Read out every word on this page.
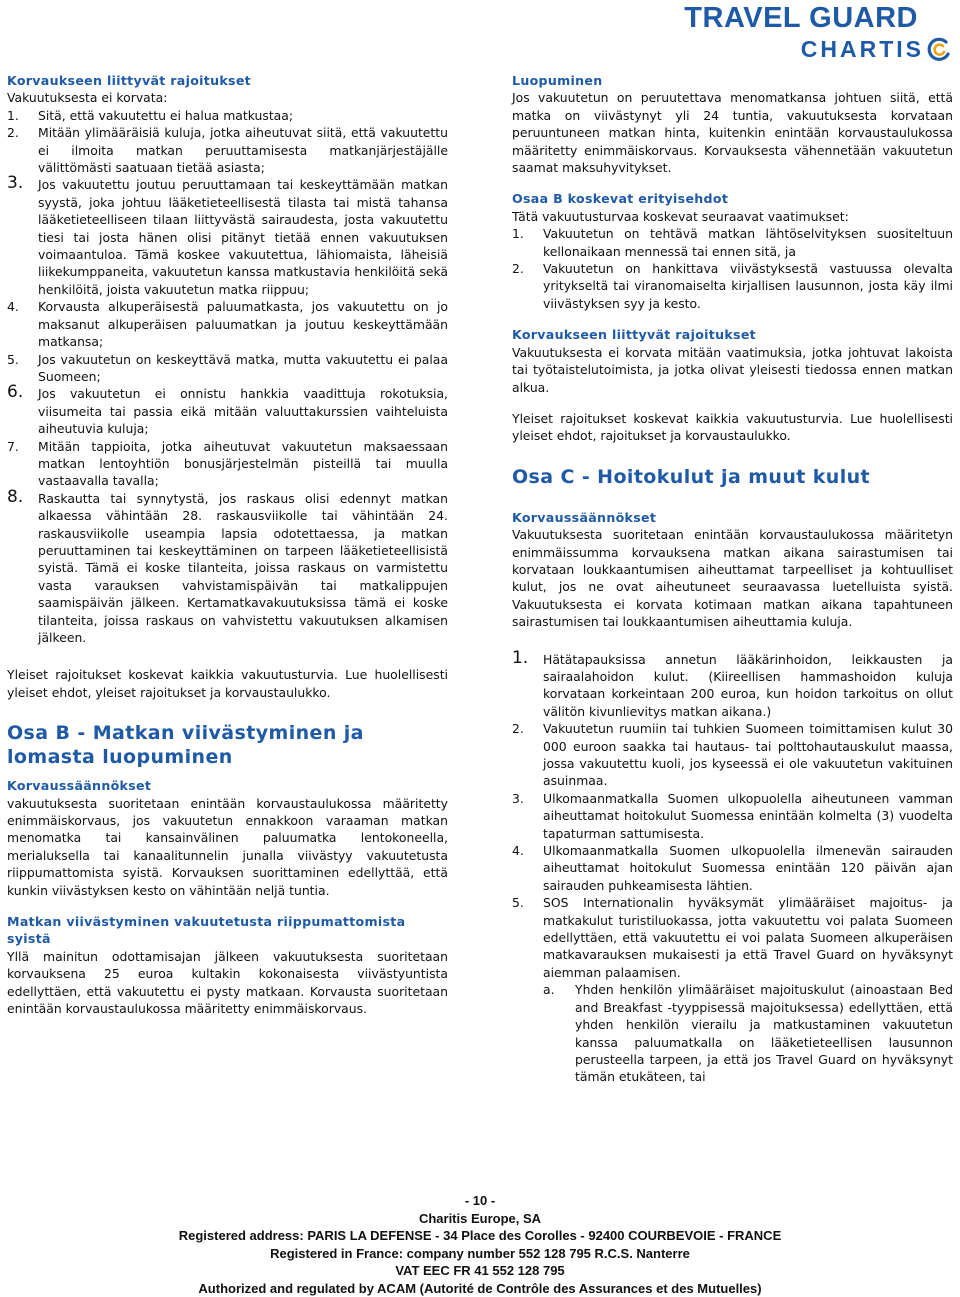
TRAVEL GUARD
CHARTIS
Korvaukseen liittyvät rajoitukset

Vakuutuksesta ei korvata:

1. Sitä, että vakuutettu ei halua matkustaa;
2. Mitään ylimääräisiä kuluja, jotka aiheutuvat siitä, että vakuutettu ei ilmoita matkan peruuttamisesta matkanjärjestäjälle välittömästi saatuaan tietää asiasta;
3. Jos vakuutettu joutuu peruuttamaan tai keskeyttämään matkan syystä, joka johtuu lääketieteellisestä tilasta tai mistä tahansa lääketieteelliseen tilaan liittyvästä sairaudesta, josta vakuutettu tiesi tai josta hänen olisi pitänyt tietää ennen vakuutuksen voimaantuloa. Tämä koskee vakuutettua, lähiomaista, läheisiä liikekumppaneita, vakuutetun kanssa matkustavia henkilöitä sekä henkilöitä, joista vakuutetun matka riippuu;
4. Korvausta alkuperäisestä paluumatkasta, jos vakuutettu on jo maksanut alkuperäisen paluumatkan ja joutuu keskeyttämään matkansa;
5. Jos vakuutetun on keskeyttävä matka, mutta vakuutettu ei palaa Suomeen;
6. Jos vakuutetun ei onnistu hankkia vaadittuja rokotuksia, viisumeita tai passia eikä mitään valuuttakurssien vaihteluista aiheutuvia kuluja;
7. Mitään tappioita, jotka aiheutuvat vakuutetun maksaessaan matkan lentoyhtiön bonusjärjestelmän pisteillä tai muulla vastaavalla tavalla;
8. Raskautta tai synnytystä, jos raskaus olisi edennyt matkan alkaessa vähintään 28. raskausviikolle tai vähintään 24. raskausviikolle useampia lapsia odotettaessa, ja matkan peruuttaminen tai keskeyttäminen on tarpeen lääketieteellisistä syistä. Tämä ei koske tilanteita, joissa raskaus on varmistettu vasta varauksen vahvistamispäivän tai matkalippujen saamispäivän jälkeen. Kertamatkavakuutuksissa tämä ei koske tilanteita, joissa raskaus on vahvistettu vakuutuksen alkamisen jälkeen.

Yleiset rajoitukset koskevat kaikkia vakuutusturvia. Lue huolellisesti yleiset ehdot, yleiset rajoitukset ja korvaustaulukko.

Osa B - Matkan viivästyminen ja lomasta luopuminen
Korvaussäännökset

vakuutuksesta suoritetaan enintään korvaustaulukossa määritetty enimmäiskorvaus, jos vakuutetun ennakkoon varaaman matkan menomatka tai kansainvälinen paluumatka lentokoneella, merialuksella tai kanaalitunnelin junalla viivästyy vakuutetusta riippumattomista syistä. Korvauksen suorittaminen edellyttää, että kunkin viivästyksen kesto on vähintään neljä tuntia.

Matkan viivästyminen vakuutetusta riippumattomista syistä

Yllä mainitun odottamisajan jälkeen vakuutuksesta suoritetaan korvauksena 25 euroa kultakin kokonaisesta viivästyuntista edellyttäen, että vakuutettu ei pysty matkaan. Korvausta suoritetaan enintään korvaustaulukossa määritetty enimmäiskorvaus.

Luopuminen

Jos vakuutetun on peruutettava menomatkansa johtuen siitä, että matka on viivästynyt yli 24 tuntia, vakuutuksesta korvataan peruuntuneen matkan hinta, kuitenkin enintään korvaustaulukossa määritetty enimmäiskorvaus. Korvauksesta vähennetään vakuutetun saamat maksuhyvitykset.

Osaa B koskevat erityisehdot

Tätä vakuutusturvaa koskevat seuraavat vaatimukset:

1. Vakuutetun on tehtävä matkan lähtöselvityksen suositeltuun kellonaikaan mennessä tai ennen sitä, ja
2. Vakuutetun on hankittava viivästyksestä vastuussa olevalta yritykseltä tai viranomaiselta kirjallisen lausunnon, josta käy ilmi viivästyksen syy ja kesto.
Korvaukseen liittyvät rajoitukset

Vakuutuksesta ei korvata mitään vaatimuksia, jotka johtuvat lakoista tai työtaistelutoimista, ja jotka olivat yleisesti tiedossa ennen matkan alkua.

Yleiset rajoitukset koskevat kaikkia vakuutusturvia. Lue huolellisesti yleiset ehdot, rajoitukset ja korvaustaulukko.

Osa C - Hoitokulut ja muut kulut
Korvaussäännökset

Vakuutuksesta suoritetaan enintään korvaustaulukossa määritetyn enimmäissumma korvauksena matkan aikana sairastumisen tai korvataan loukkaantumisen aiheuttamat tarpeelliset ja kohtuulliset kulut, jos ne ovat aiheutuneet seuraavassa luetelluista syistä. Vakuutuksesta ei korvata kotimaan matkan aikana tapahtuneen sairastumisen tai loukkaantumisen aiheuttamia kuluja.

1. Hätätapauksissa annetun lääkärinhoidon, leikkausten ja sairaalahoidon kulut. (Kiireellisen hammashoidon kuluja korvataan korkeintaan 200 euroa, kun hoidon tarkoitus on ollut välitön kivunlievitys matkan aikana.)
2. Vakuutetun ruumiin tai tuhkien Suomeen toimittamisen kulut 30 000 euroon saakka tai hautaus- tai polttohautauskulut maassa, jossa vakuutettu kuoli, jos kyseessä ei ole vakuutetun vakituinen asuinmaa.
3. Ulkomaanmatkalla Suomen ulkopuolella aiheutuneen vamman aiheuttamat hoitokulut Suomessa enintään kolmelta (3) vuodelta tapaturman sattumisesta.
4. Ulkomaanmatkalla Suomen ulkopuolella ilmenevän sairauden aiheuttamat hoitokulut Suomessa enintään 120 päivän ajan sairauden puhkeamisesta lähtien.
5. SOS Internationalin hyväksymät ylimääräiset majoitus- ja matkakulut turistiluokassa, jotta vakuutettu voi palata Suomeen edellyttäen, että vakuutettu ei voi palata Suomeen alkuperäisen matkavarauksen mukaisesti ja että Travel Guard on hyväksynyt aiemman palaamisen.
a. Yhden henkilön ylimääräiset majoituskulut (ainoastaan Bed and Breakfast -tyyppisessä majoituksessa) edellyttäen, että yhden henkilön vierailu ja matkustaminen vakuutetun kanssa paluumatkalla on lääketieteellisen lausunnon perusteella tarpeen, ja että jos Travel Guard on hyväksynyt tämän etukäteen, tai
- 10 -
Charitis Europe, SA
Registered address: PARIS LA DEFENSE - 34 Place des Corolles - 92400 COURBEVOIE - FRANCE
Registered in France: company number 552 128 795 R.C.S. Nanterre
VAT EEC FR 41 552 128 795
Authorized and regulated by ACAM (Autorité de Contrôle des Assurances et des Mutuelles)
